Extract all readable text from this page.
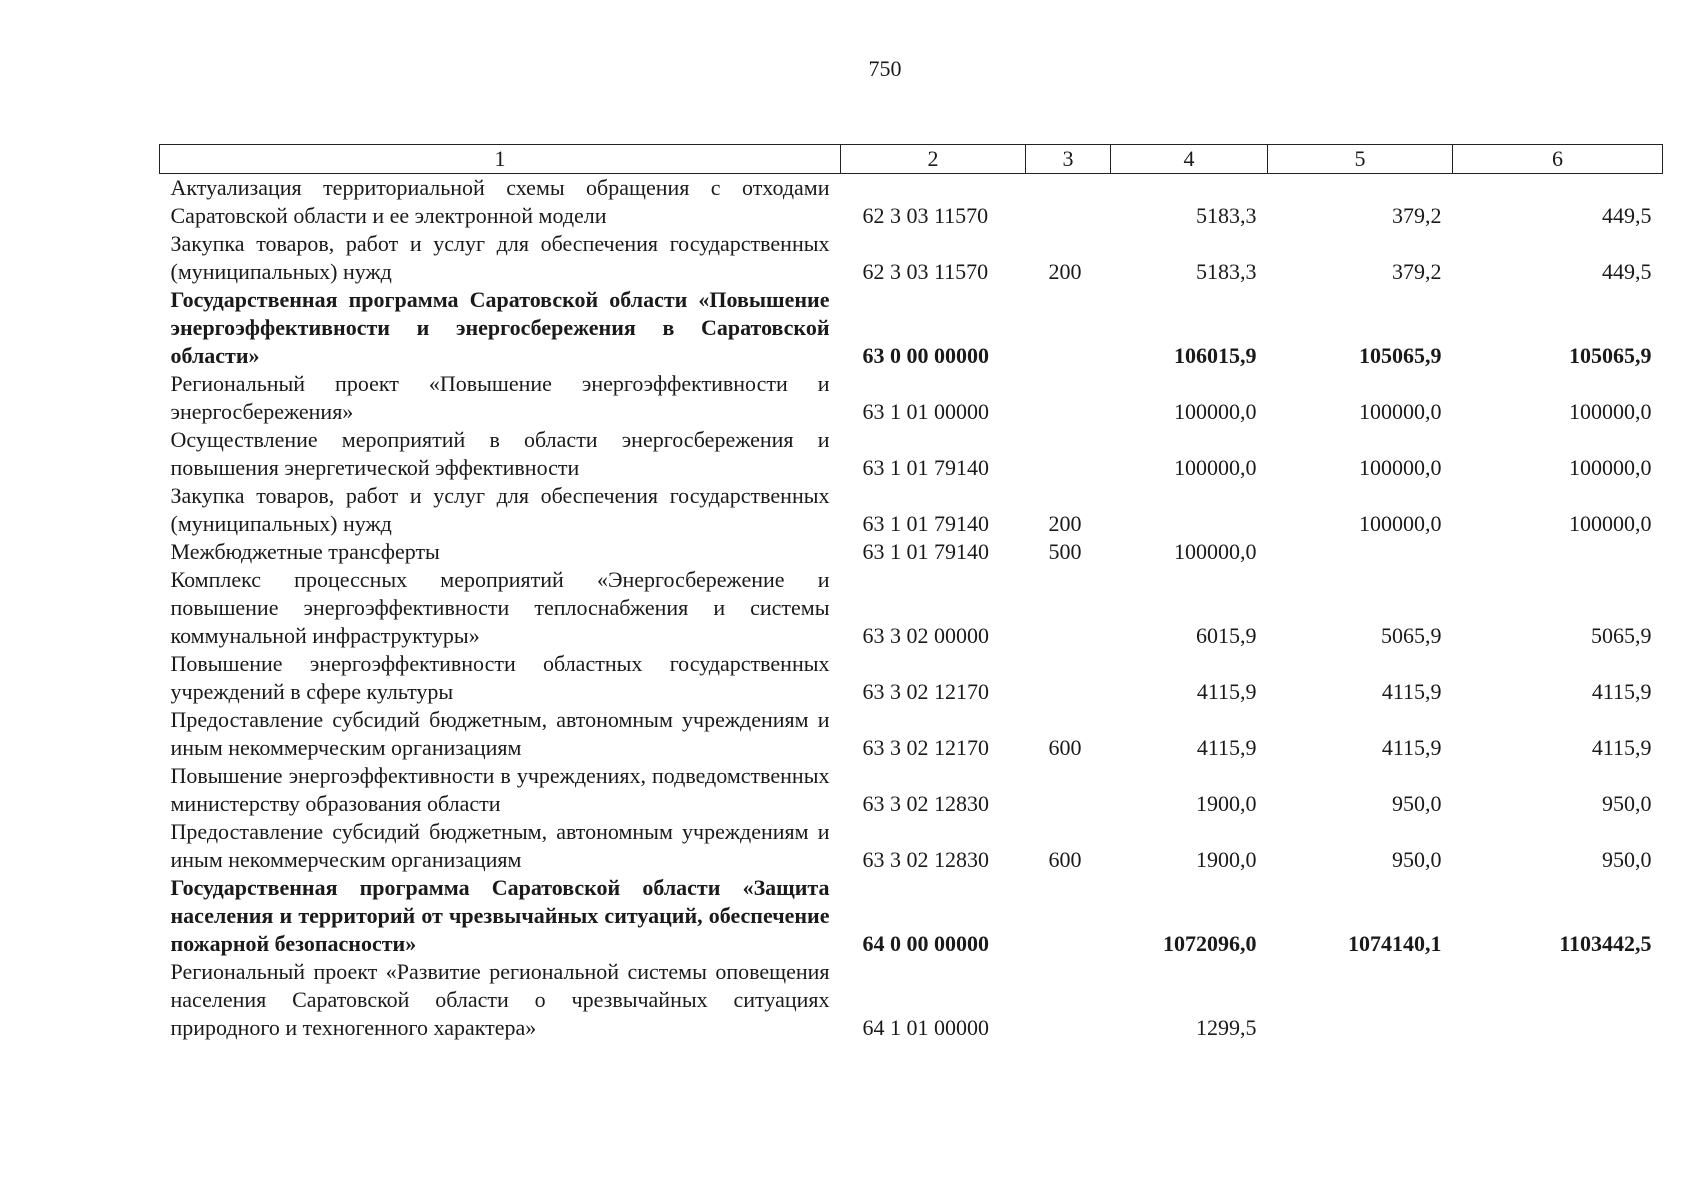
750
1	2	3	4	5	6
Актуализация территориальной схемы обращения с отходами Саратовской области и ее электронной модели	62 3 03 11570		5183,3	379,2	449,5
Закупка товаров, работ и услуг для обеспечения государственных (муниципальных) нужд	62 3 03 11570	200	5183,3	379,2	449,5
Государственная программа Саратовской области «Повышение энергоэффективности и энергосбережения в Саратовской области»	63 0 00 00000		106015,9	105065,9	105065,9
Региональный проект «Повышение энергоэффективности и энергосбережения»	63 1 01 00000		100000,0	100000,0	100000,0
Осуществление мероприятий в области энергосбережения и повышения энергетической эффективности	63 1 01 79140		100000,0	100000,0	100000,0
Закупка товаров, работ и услуг для обеспечения государственных (муниципальных) нужд	63 1 01 79140	200		100000,0	100000,0
Межбюджетные трансферты	63 1 01 79140	500	100000,0		
Комплекс процессных мероприятий «Энергосбережение и повышение энергоэффективности теплоснабжения и системы коммунальной инфраструктуры»	63 3 02 00000		6015,9	5065,9	5065,9
Повышение энергоэффективности областных государственных учреждений в сфере культуры	63 3 02 12170		4115,9	4115,9	4115,9
Предоставление субсидий бюджетным, автономным учреждениям и иным некоммерческим организациям	63 3 02 12170	600	4115,9	4115,9	4115,9
Повышение энергоэффективности в учреждениях, подведомственных министерству образования области	63 3 02 12830		1900,0	950,0	950,0
Предоставление субсидий бюджетным, автономным учреждениям и иным некоммерческим организациям	63 3 02 12830	600	1900,0	950,0	950,0
Государственная программа Саратовской области «Защита населения и территорий от чрезвычайных ситуаций, обеспечение пожарной безопасности»	64 0 00 00000		1072096,0	1074140,1	1103442,5
Региональный проект «Развитие региональной системы оповещения населения Саратовской области о чрезвычайных ситуациях природного и техногенного характера»	64 1 01 00000		1299,5		
